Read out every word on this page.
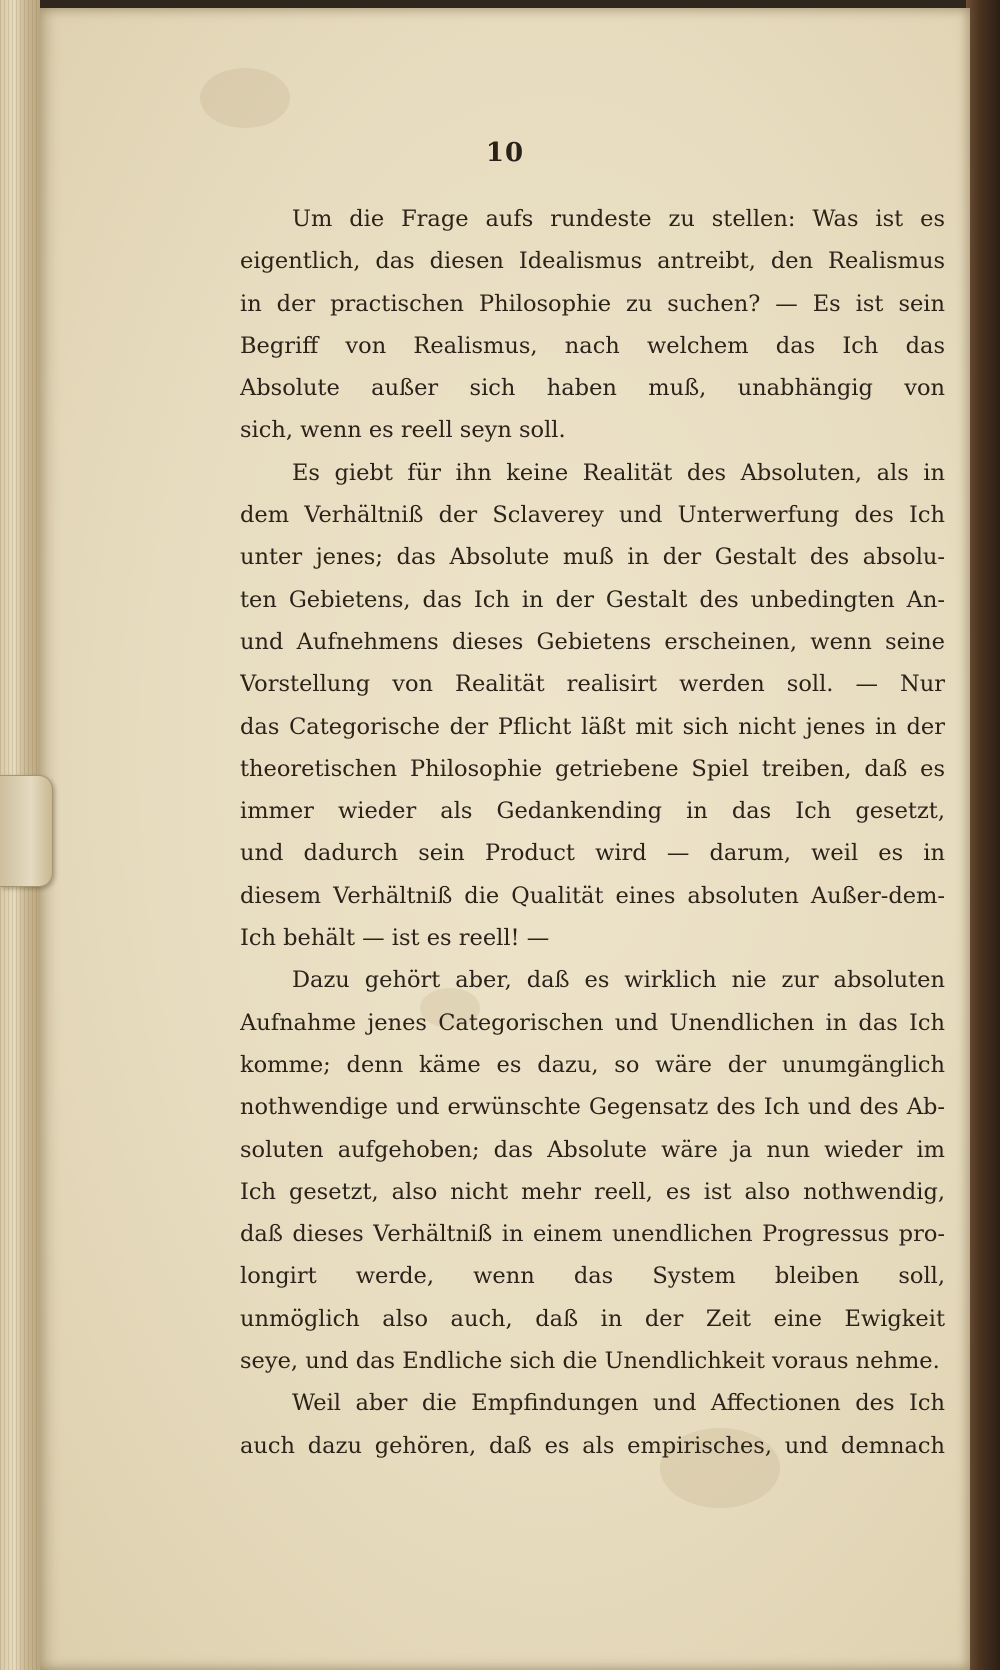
10
Um die Frage aufs rundeste zu stellen: Was ist es
eigentlich, das diesen Idealismus antreibt, den Realismus
in der practischen Philosophie zu suchen? — Es ist sein
Begriff von Realismus, nach welchem das Ich das
Absolute außer sich haben muß, unabhängig von
sich, wenn es reell seyn soll.
Es giebt für ihn keine Realität des Absoluten, als in
dem Verhältniß der Sclaverey und Unterwerfung des Ich
unter jenes; das Absolute muß in der Gestalt des absolu-
ten Gebietens, das Ich in der Gestalt des unbedingten An-
und Aufnehmens dieses Gebietens erscheinen, wenn seine
Vorstellung von Realität realisirt werden soll. — Nur
das Categorische der Pflicht läßt mit sich nicht jenes in der
theoretischen Philosophie getriebene Spiel treiben, daß es
immer wieder als Gedankending in das Ich gesetzt,
und dadurch sein Product wird — darum, weil es in
diesem Verhältniß die Qualität eines absoluten Außer-dem-
Ich behält — ist es reell! —
Dazu gehört aber, daß es wirklich nie zur absoluten
Aufnahme jenes Categorischen und Unendlichen in das Ich
komme; denn käme es dazu, so wäre der unumgänglich
nothwendige und erwünschte Gegensatz des Ich und des Ab-
soluten aufgehoben; das Absolute wäre ja nun wieder im
Ich gesetzt, also nicht mehr reell, es ist also nothwendig,
daß dieses Verhältniß in einem unendlichen Progressus pro-
longirt werde, wenn das System bleiben soll,
unmöglich also auch, daß in der Zeit eine Ewigkeit
seye, und das Endliche sich die Unendlichkeit voraus nehme.
Weil aber die Empfindungen und Affectionen des Ich
auch dazu gehören, daß es als empirisches, und demnach
